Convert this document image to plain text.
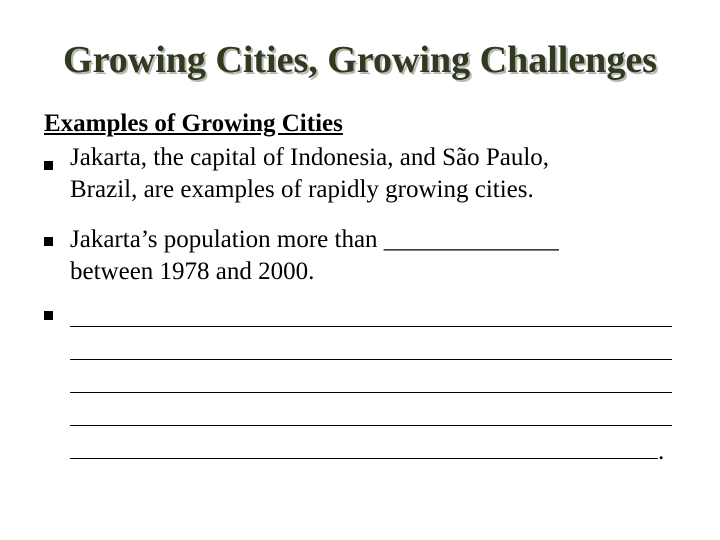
Growing Cities, Growing Challenges
Examples of Growing Cities
Jakarta, the capital of Indonesia, and São Paulo,
Brazil, are examples of rapidly growing cities.
Jakarta’s population more than ______________
between 1978 and 2000.
.
